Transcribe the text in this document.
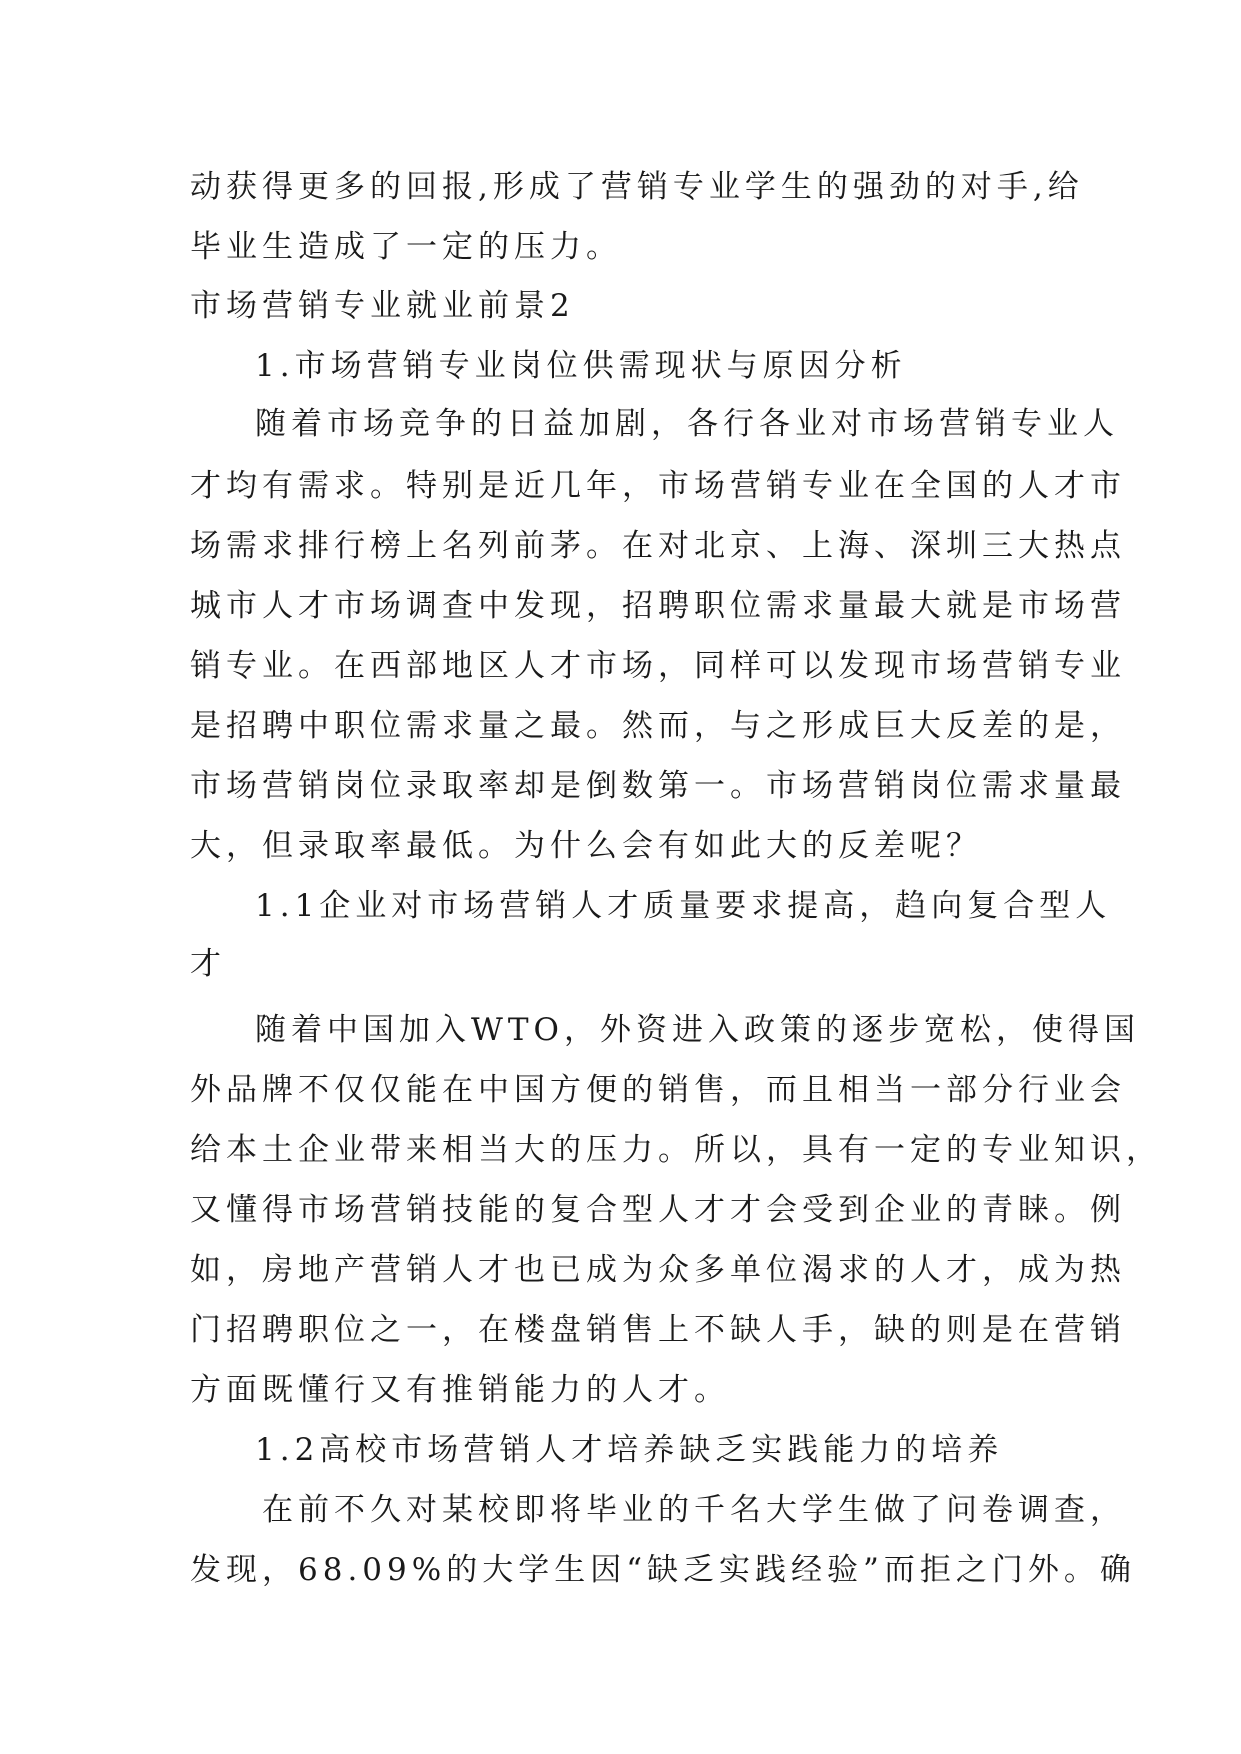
动获得更多的回报,形成了营销专业学生的强劲的对手,给
毕业生造成了一定的压力。
市场营销专业就业前景2
1.市场营销专业岗位供需现状与原因分析
随着市场竞争的日益加剧，各行各业对市场营销专业人
才均有需求。特别是近几年，市场营销专业在全国的人才市
场需求排行榜上名列前茅。在对北京、上海、深圳三大热点
城市人才市场调查中发现，招聘职位需求量最大就是市场营
销专业。在西部地区人才市场，同样可以发现市场营销专业
是招聘中职位需求量之最。然而，与之形成巨大反差的是，
市场营销岗位录取率却是倒数第一。市场营销岗位需求量最
大，但录取率最低。为什么会有如此大的反差呢？
1.1企业对市场营销人才质量要求提高，趋向复合型人
才
随着中国加入WTO，外资进入政策的逐步宽松，使得国
外品牌不仅仅能在中国方便的销售，而且相当一部分行业会
给本土企业带来相当大的压力。所以，具有一定的专业知识，
又懂得市场营销技能的复合型人才才会受到企业的青睐。例
如，房地产营销人才也已成为众多单位渴求的人才，成为热
门招聘职位之一，在楼盘销售上不缺人手，缺的则是在营销
方面既懂行又有推销能力的人才。
1.2高校市场营销人才培养缺乏实践能力的培养
在前不久对某校即将毕业的千名大学生做了问卷调查，
发现，68.09%的大学生因“缺乏实践经验”而拒之门外。确
